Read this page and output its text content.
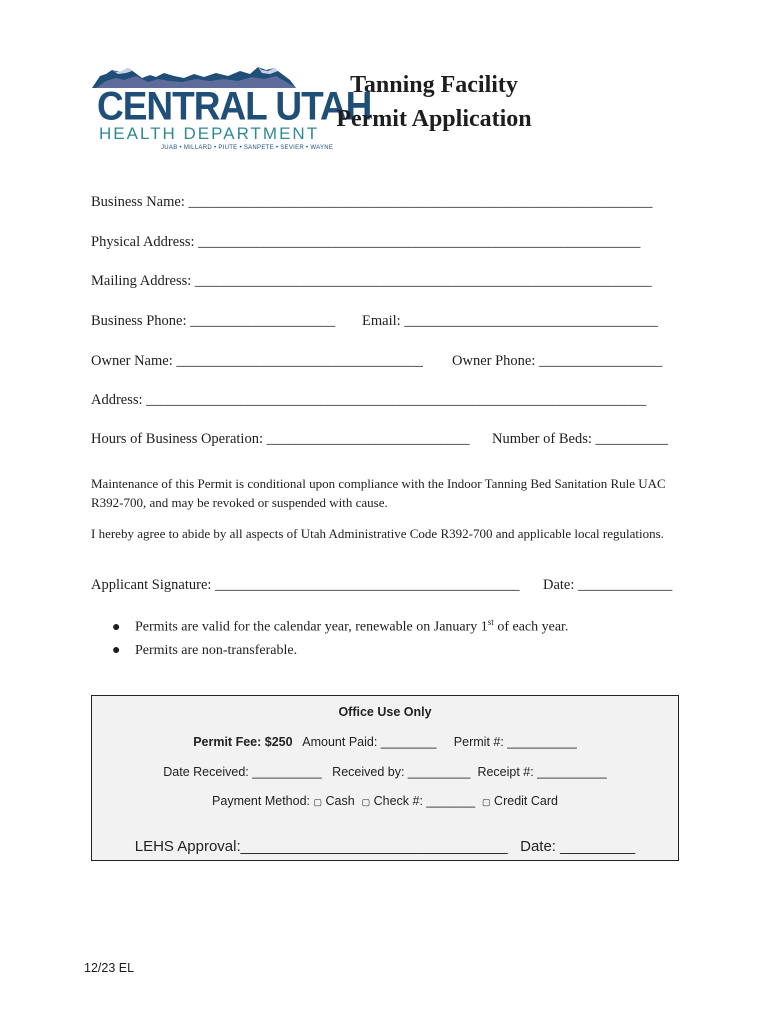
CENTRAL UTAH
HEALTH DEPARTMENT
JUAB • MILLARD • PIUTE • SANPETE • SEVIER • WAYNE
Tanning Facility
Permit Application
Business Name: ________________________________________________________________
Physical Address: _____________________________________________________________
Mailing Address: _______________________________________________________________
Business Phone: ____________________ Email: ___________________________________
Owner Name: __________________________________ Owner Phone: _________________
Address: _____________________________________________________________________
Hours of Business Operation: ____________________________ Number of Beds: __________
Maintenance of this Permit is conditional upon compliance with the Indoor Tanning Bed Sanitation Rule UAC R392-700, and may be revoked or suspended with cause.
I hereby agree to abide by all aspects of Utah Administrative Code R392-700 and applicable local regulations.
Applicant Signature: __________________________________________ Date: _____________
● Permits are valid for the calendar year, renewable on January 1st of each year.
● Permits are non-transferable.
Office Use Only
Permit Fee: $250 Amount Paid: ________ Permit #: __________
Date Received: __________ Received by: _________ Receipt #: __________
Payment Method: ▢ Cash ▢ Check #: _______ ▢ Credit Card
LEHS Approval:________________________________ Date: _________
12/23 EL
